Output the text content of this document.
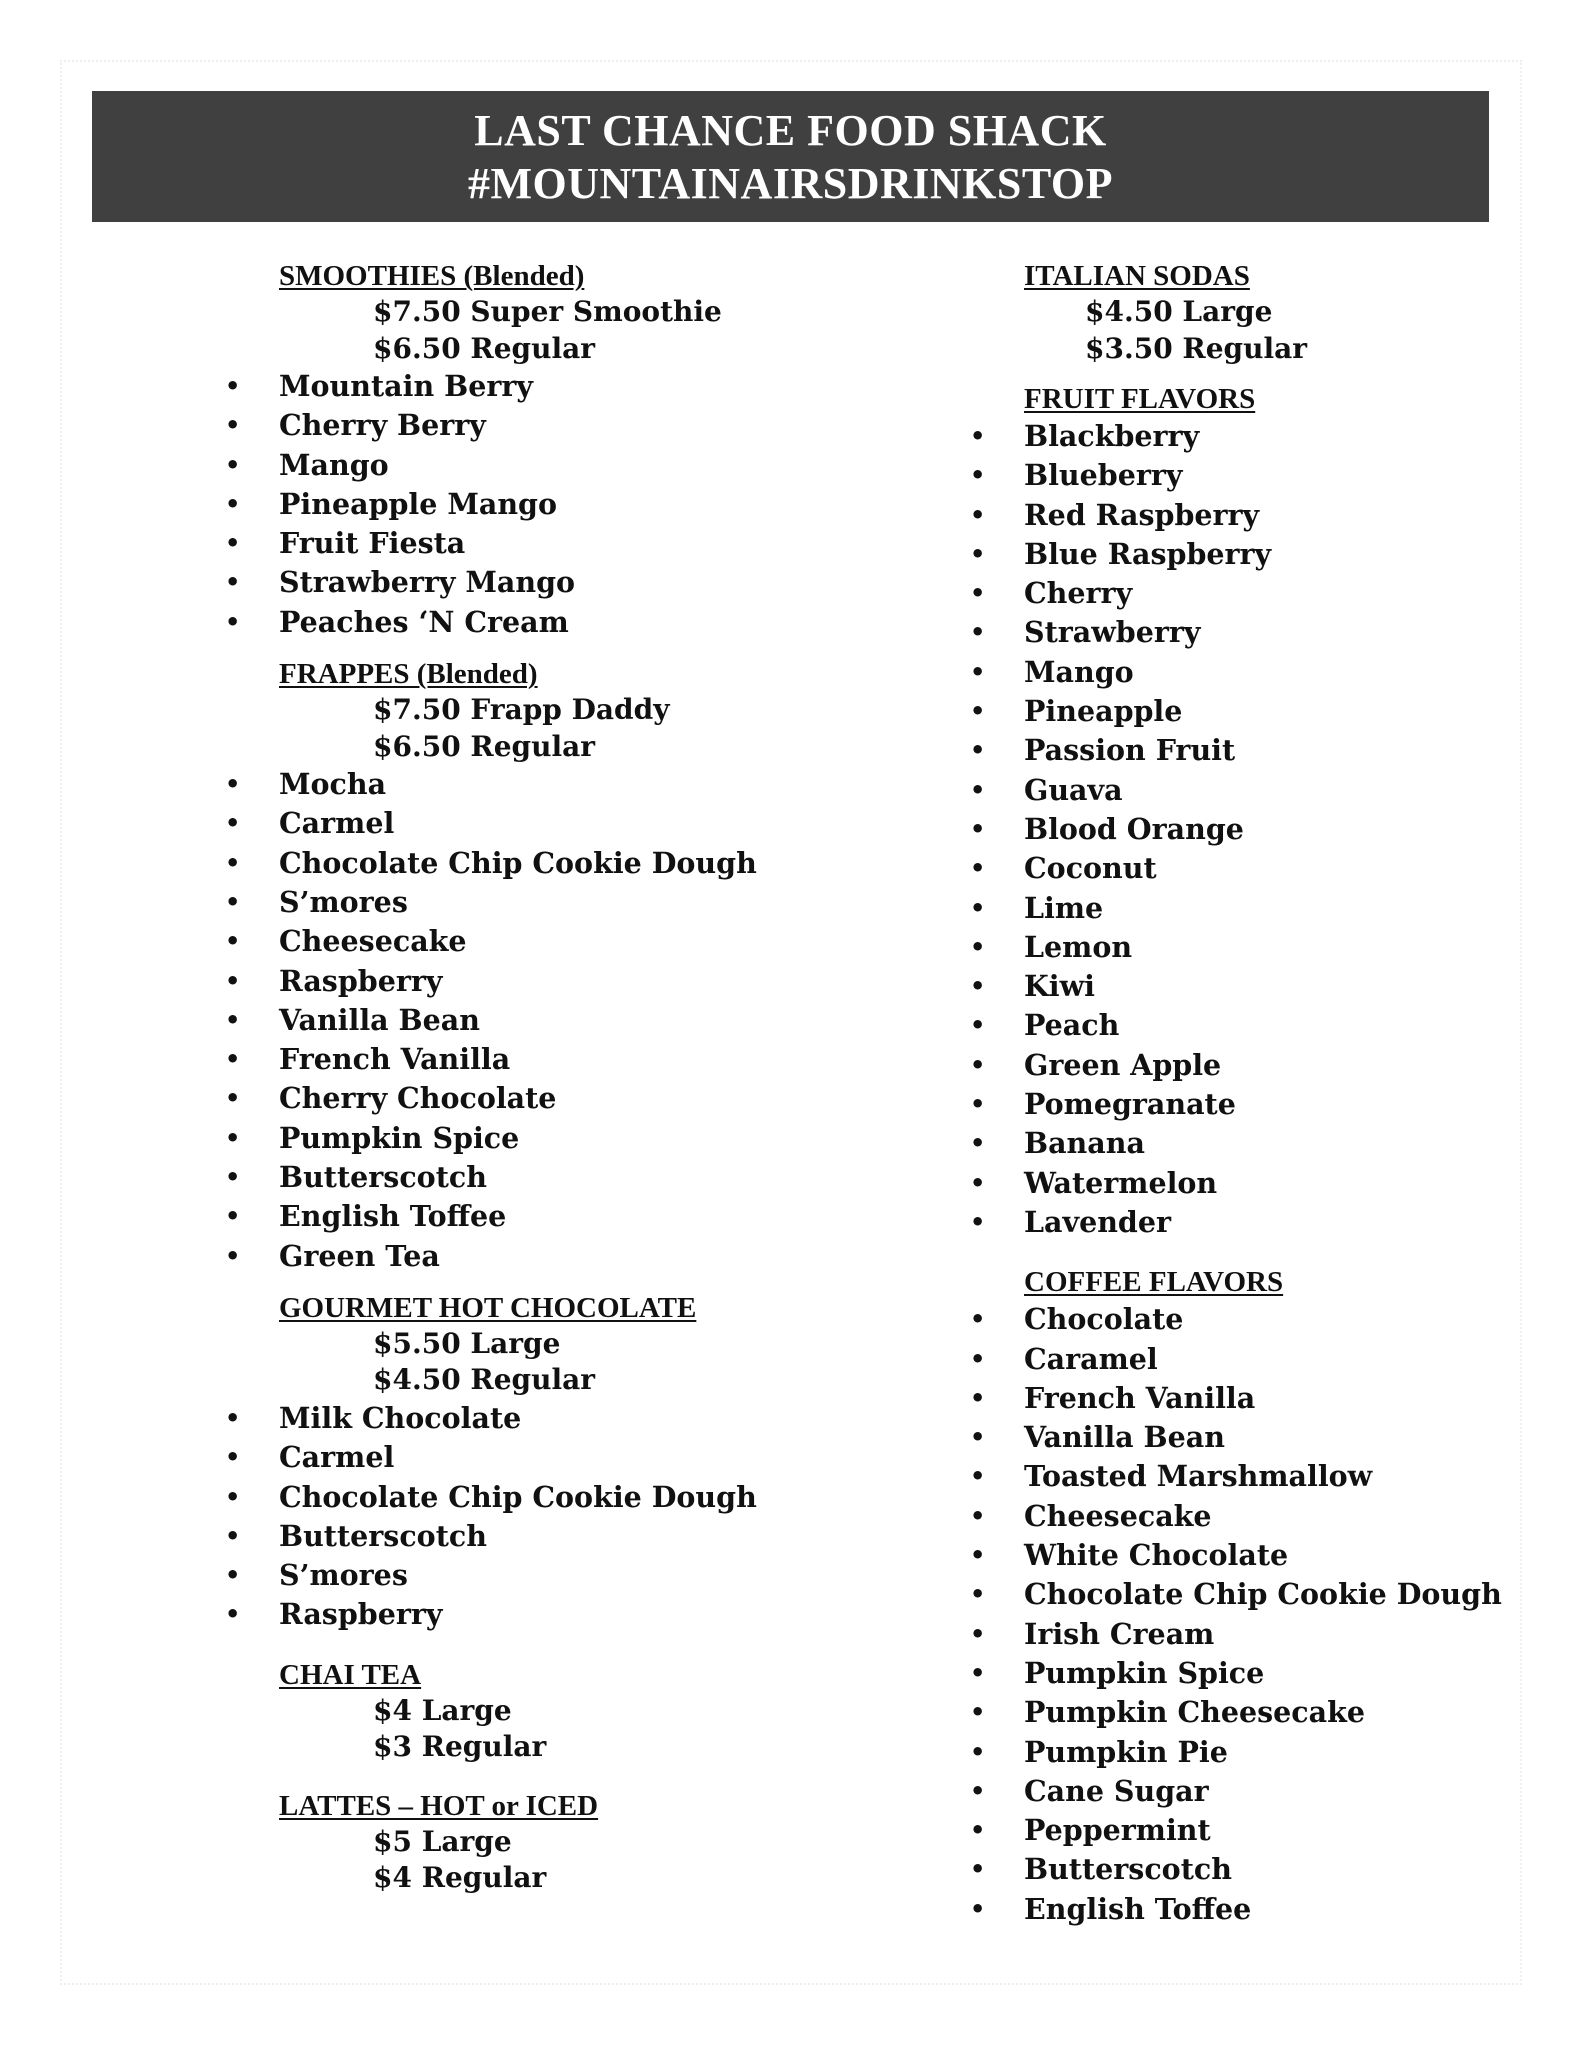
LAST CHANCE FOOD SHACK
#MOUNTAINAIRSDRINKSTOP
SMOOTHIES (Blended)
$7.50 Super Smoothie
$6.50 Regular
• Mountain Berry
• Cherry Berry
• Mango
• Pineapple Mango
• Fruit Fiesta
• Strawberry Mango
• Peaches ‘N Cream
FRAPPES (Blended)
$7.50 Frapp Daddy
$6.50 Regular
• Mocha
• Carmel
• Chocolate Chip Cookie Dough
• S’mores
• Cheesecake
• Raspberry
• Vanilla Bean
• French Vanilla
• Cherry Chocolate
• Pumpkin Spice
• Butterscotch
• English Toffee
• Green Tea
GOURMET HOT CHOCOLATE
$5.50 Large
$4.50 Regular
• Milk Chocolate
• Carmel
• Chocolate Chip Cookie Dough
• Butterscotch
• S’mores
• Raspberry
CHAI TEA
$4 Large
$3 Regular
LATTES – HOT or ICED
$5 Large
$4 Regular
ITALIAN SODAS
$4.50 Large
$3.50 Regular
FRUIT FLAVORS
• Blackberry
• Blueberry
• Red Raspberry
• Blue Raspberry
• Cherry
• Strawberry
• Mango
• Pineapple
• Passion Fruit
• Guava
• Blood Orange
• Coconut
• Lime
• Lemon
• Kiwi
• Peach
• Green Apple
• Pomegranate
• Banana
• Watermelon
• Lavender
COFFEE FLAVORS
• Chocolate
• Caramel
• French Vanilla
• Vanilla Bean
• Toasted Marshmallow
• Cheesecake
• White Chocolate
• Chocolate Chip Cookie Dough
• Irish Cream
• Pumpkin Spice
• Pumpkin Cheesecake
• Pumpkin Pie
• Cane Sugar
• Peppermint
• Butterscotch
• English Toffee
